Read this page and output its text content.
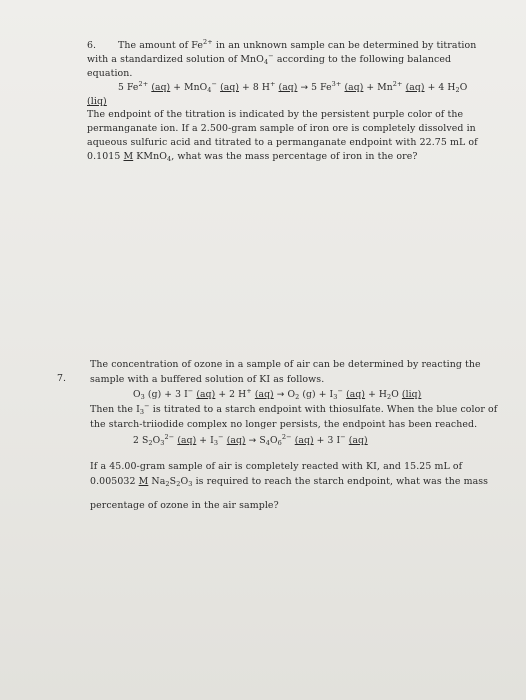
6. The amount of $Fe^{2+}$ in an unknown sample can be determined by titration
with a standardized solution of MnO$_4$− according to the following balanced
equation.
5 $Fe^{2+}$ (aq) + MnO$_4$− (aq) + 8 H+ (aq) → 5 $Fe^{3+}$ $(aq) + Mn^{2+}$ (aq) + 4 $H_2O$
(liq)
The endpoint of the titration is indicated by the persistent purple color of the
permanganate ion. If a 2.500-gram sample of iron ore is completely dissolved in
aqueous sulfuric acid and titrated to a permanganate endpoint with 22.75 mL of
0.1015 M KMnO$_4$, what was the mass percentage of iron in the ore?
7.
The concentration of ozone in a sample of air can be determined by reacting the
sample with a buffered solution of KI as follows.
$O_3$ (g) + 3 I− (aq) + 2 H+ $(aq) \to O_2$ $(g) + I_3^-$ $(aq) + H_2O$ (liq)
Then the $I_3^-$ is titrated to a starch endpoint with thiosulfate. When the blue color of
the starch-triiodide complex no longer persists, the endpoint has been reached.
2 $S_2O_3^{2-}$ $(aq) + I_3^-$ $(aq) \to S_4O_6^{2-}$ (aq) + 3 I− (aq)
If a 45.00-gram sample of air is completely reacted with KI, and 15.25 mL of
0.005032 M $Na_2S_2O_3$ is required to reach the starch endpoint, what was the mass
percentage of ozone in the air sample?
